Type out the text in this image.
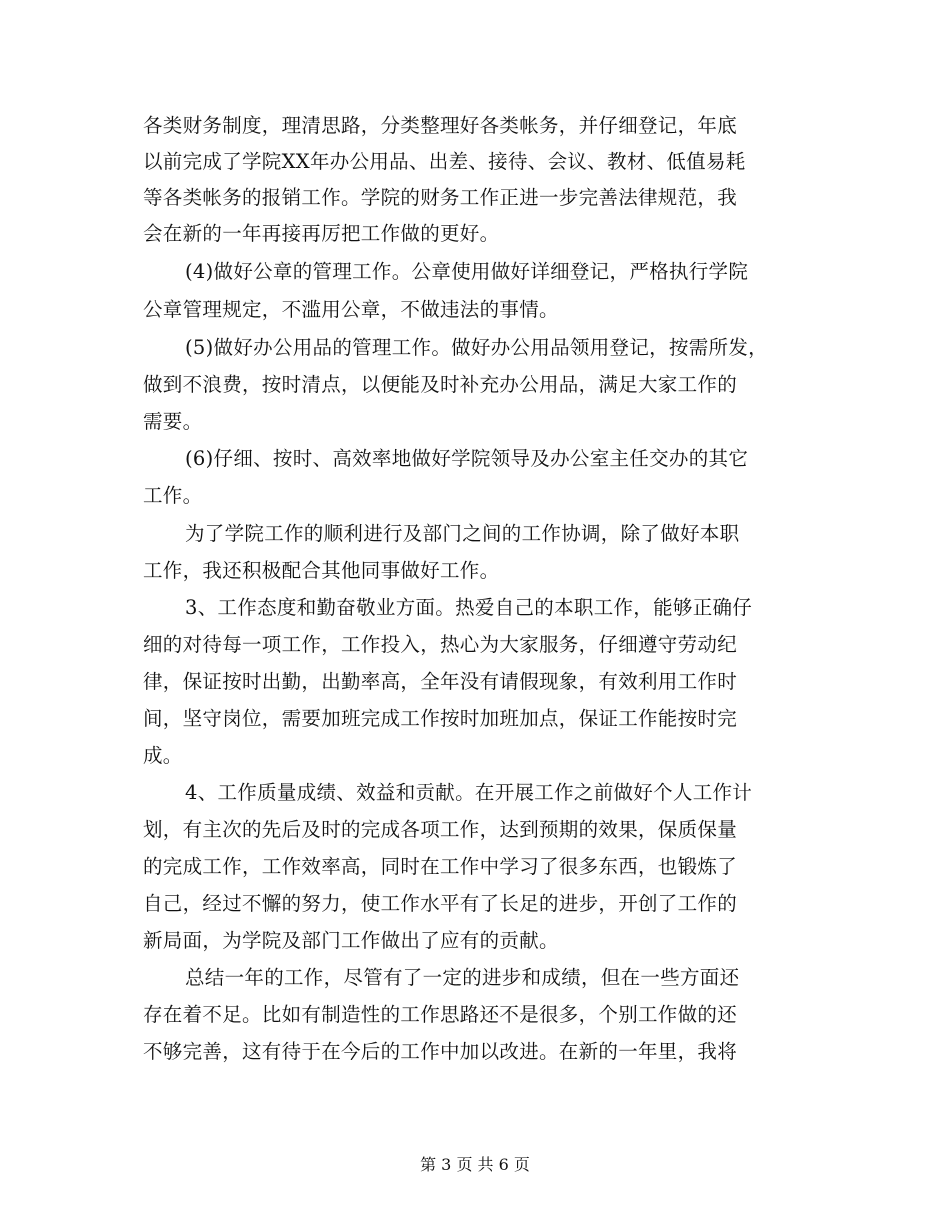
各类财务制度，理清思路，分类整理好各类帐务，并仔细登记，年底
以前完成了学院XX年办公用品、出差、接待、会议、教材、低值易耗
等各类帐务的报销工作。学院的财务工作正进一步完善法律规范，我
会在新的一年再接再厉把工作做的更好。
(4)做好公章的管理工作。公章使用做好详细登记，严格执行学院
公章管理规定，不滥用公章，不做违法的事情。
(5)做好办公用品的管理工作。做好办公用品领用登记，按需所发，
做到不浪费，按时清点，以便能及时补充办公用品，满足大家工作的
需要。
(6)仔细、按时、高效率地做好学院领导及办公室主任交办的其它
工作。
为了学院工作的顺利进行及部门之间的工作协调，除了做好本职
工作，我还积极配合其他同事做好工作。
3、工作态度和勤奋敬业方面。热爱自己的本职工作，能够正确仔
细的对待每一项工作，工作投入，热心为大家服务，仔细遵守劳动纪
律，保证按时出勤，出勤率高，全年没有请假现象，有效利用工作时
间，坚守岗位，需要加班完成工作按时加班加点，保证工作能按时完
成。
4、工作质量成绩、效益和贡献。在开展工作之前做好个人工作计
划，有主次的先后及时的完成各项工作，达到预期的效果，保质保量
的完成工作，工作效率高，同时在工作中学习了很多东西，也锻炼了
自己，经过不懈的努力，使工作水平有了长足的进步，开创了工作的
新局面，为学院及部门工作做出了应有的贡献。
总结一年的工作，尽管有了一定的进步和成绩，但在一些方面还
存在着不足。比如有制造性的工作思路还不是很多，个别工作做的还
不够完善，这有待于在今后的工作中加以改进。在新的一年里，我将
第 3 页 共 6 页
